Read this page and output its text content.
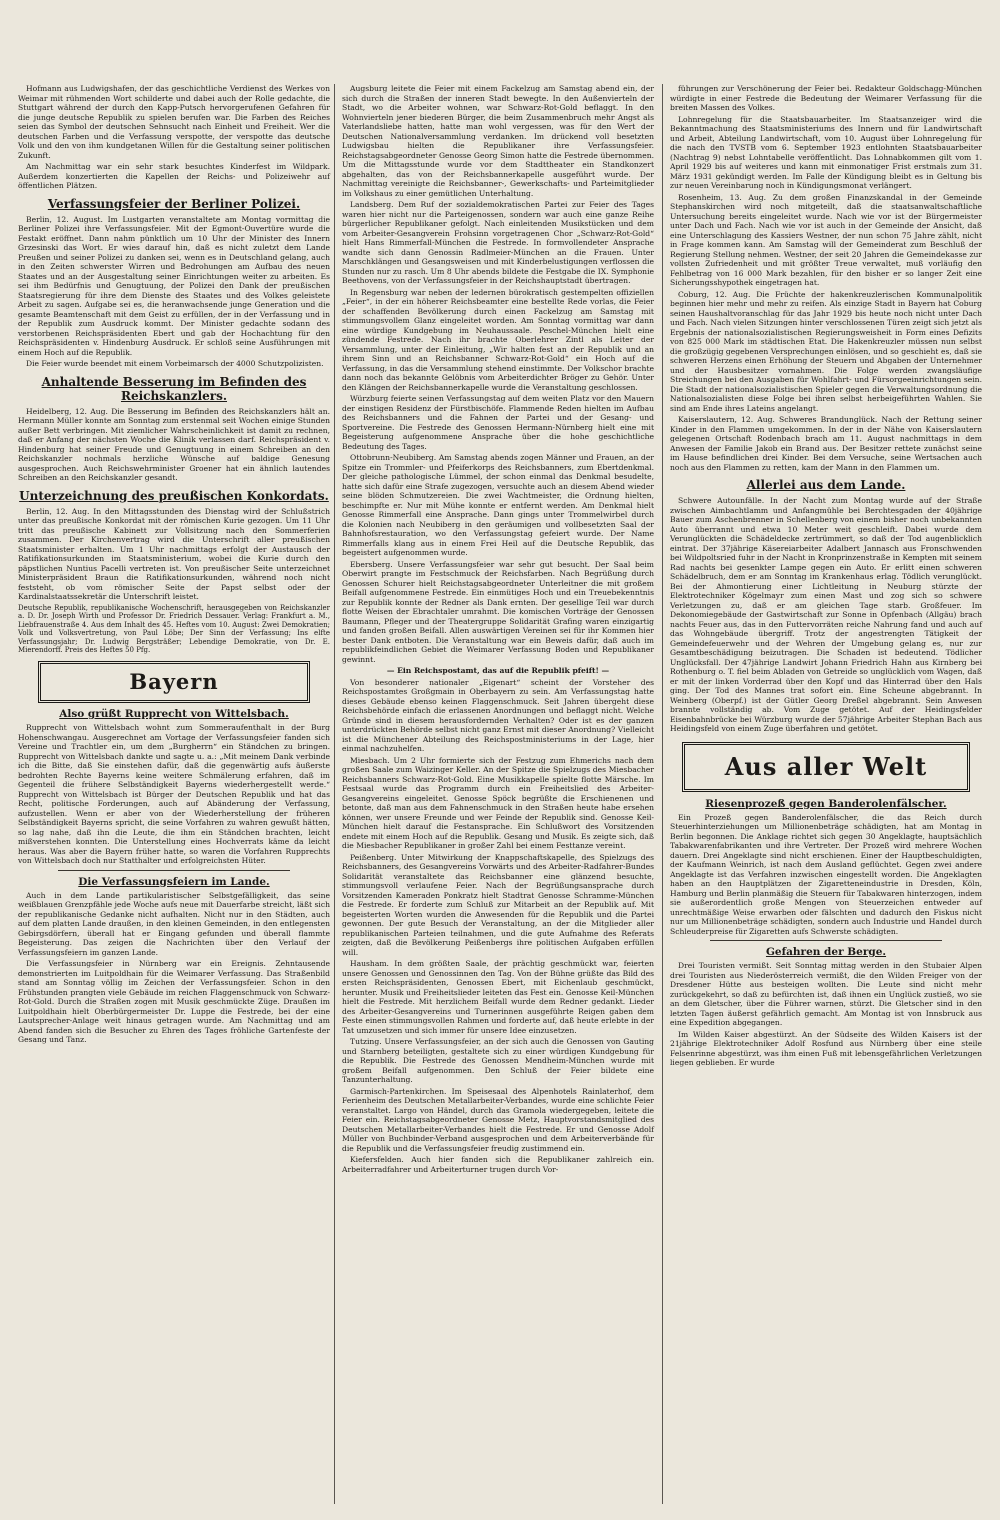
Hofmann aus Ludwigshafen, der das geschichtliche Verdienst des Werkes von Weimar mit rühmenden Wort schilderte und dabei auch der Rolle gedachte, die Stuttgart während der durch den Kapp-Putsch hervorgerufenen Gefahren für die junge deutsche Republik zu spielen berufen war. Die Farben des Reiches seien das Symbol der deutschen Sehnsucht nach Einheit und Freiheit. Wer die deutschen Farben und die Verfassung verspotte, der verspotte das deutsche Volk und den von ihm kundgetanen Willen für die Gestaltung seiner politischen Zukunft.

Am Nachmittag war ein sehr stark besuchtes Kinderfest im Wildpark. Außerdem konzertierten die Kapellen der Reichs- und Polizeiwehr auf öffentlichen Plätzen.

Verfassungsfeier der Berliner Polizei.

Berlin, 12. August. Im Lustgarten veranstaltete am Montag vormittag die Berliner Polizei ihre Verfassungsfeier. Mit der Egmont-Ouvertüre wurde die Festakt eröffnet. Dann nahm pünktlich um 10 Uhr der Minister des Innern Grzesinski das Wort. Er wies darauf hin, daß es nicht zuletzt dem Lande Preußen und seiner Polizei zu danken sei, wenn es in Deutschland gelang, auch in den Zeiten schwerster Wirren und Bedrohungen am Aufbau des neuen Staates und an der Ausgestaltung seiner Einrichtungen weiter zu arbeiten. Es sei ihm Bedürfnis und Genugtuung, der Polizei den Dank der preußischen Staatsregierung für ihre dem Dienste des Staates und des Volkes geleistete Arbeit zu sagen. Aufgabe sei es, die heranwachsende junge Generation und die gesamte Beamtenschaft mit dem Geist zu erfüllen, der in der Verfassung und in der Republik zum Ausdruck kommt. Der Minister gedachte sodann des verstorbenen Reichspräsidenten Ebert und gab der Hochachtung für den Reichspräsidenten v. Hindenburg Ausdruck. Er schloß seine Ausführungen mit einem Hoch auf die Republik.

Die Feier wurde beendet mit einem Vorbeimarsch der 4000 Schutzpolizisten.

Anhaltende Besserung im Befinden des Reichskanzlers.

Heidelberg, 12. Aug. Die Besserung im Befinden des Reichskanzlers hält an. Hermann Müller konnte am Sonntag zum erstenmal seit Wochen einige Stunden außer Bett verbringen. Mit ziemlicher Wahrscheinlichkeit ist damit zu rechnen, daß er Anfang der nächsten Woche die Klinik verlassen darf. Reichspräsident v. Hindenburg hat seiner Freude und Genugtuung in einem Schreiben an den Reichskanzler nochmals herzliche Wünsche auf baldige Genesung ausgesprochen. Auch Reichswehrminister Groener hat ein ähnlich lautendes Schreiben an den Reichskanzler gesandt.

Unterzeichnung des preußischen Konkordats.

Berlin, 12. Aug. In den Mittagsstunden des Dienstag wird der Schlußstrich unter das preußische Konkordat mit der römischen Kurie gezogen. Um 11 Uhr tritt das preußische Kabinett zur Vollsitzung nach den Sommerferien zusammen. Der Kirchenvertrag wird die Unterschrift aller preußischen Staatsminister erhalten. Um 1 Uhr nachmittags erfolgt der Austausch der Ratifikationsurkunden im Staatsministerium, wobei die Kurie durch den päpstlichen Nuntius Pacelli vertreten ist. Von preußischer Seite unterzeichnet Ministerpräsident Braun die Ratifikationsurkunden, während noch nicht feststeht, ob vom römischer Seite der Papst selbst oder der Kardinalstaatssekretär die Unterschrift leistet.

Deutsche Republik, republikanische Wochenschrift, herausgegeben von Reichskanzler a. D. Dr. Joseph Wirth und Professor Dr. Friedrich Dessauer. Verlag: Frankfurt a. M., Liebfrauenstraße 4. Aus dem Inhalt des 45. Heftes vom 10. August: Zwei Demokratien; Volk und Volksvertretung, von Paul Löbe; Der Sinn der Verfassung; Ins elfte Verfassungsjahr; Dr. Ludwig Bergsträßer; Lebendige Demokratie, von Dr. E. Mierendorff. Preis des Heftes 50 Pfg.

Bayern
Also grüßt Rupprecht von Wittelsbach.

Rupprecht von Wittelsbach wohnt zum Sommeraufenthalt in der Burg Hohenschwangau. Ausgerechnet am Vortage der Verfassungsfeier fanden sich Vereine und Trachtler ein, um dem „Burgherrn“ ein Ständchen zu bringen. Rupprecht von Wittelsbach dankte und sagte u. a.: „Mit meinem Dank verbinde ich die Bitte, daß Sie einstehen dafür, daß die gegenwärtig aufs äußerste bedrohten Rechte Bayerns keine weitere Schmälerung erfahren, daß im Gegenteil die frühere Selbständigkeit Bayerns wiederhergestellt werde.“ Rupprecht von Wittelsbach ist Bürger der Deutschen Republik und hat das Recht, politische Forderungen, auch auf Abänderung der Verfassung, aufzustellen. Wenn er aber von der Wiederherstellung der früheren Selbständigkeit Bayerns spricht, die seine Vorfahren zu wahren gewußt hätten, so lag nahe, daß ihn die Leute, die ihm ein Ständchen brachten, leicht mißverstehen konnten. Die Unterstellung eines Hochverrats käme da leicht heraus. Was aber die Bayern früher hatte, so waren die Vorfahren Rupprechts von Wittelsbach doch nur Statthalter und erfolgreichsten Hüter.

Die Verfassungsfeiern im Lande.

Auch in dem Lande partikularistischer Selbstgefälligkeit, das seine weißblauen Grenzpfähle jede Woche aufs neue mit Dauerfarbe streicht, läßt sich der republikanische Gedanke nicht aufhalten. Nicht nur in den Städten, auch auf dem platten Lande draußen, in den kleinen Gemeinden, in den entlegensten Gebirgsdörfern, überall hat er Eingang gefunden und überall flammte Begeisterung. Das zeigen die Nachrichten über den Verlauf der Verfassungsfeiern im ganzen Lande.

Die Verfassungsfeier in Nürnberg war ein Ereignis. Zehntausende demonstrierten im Luitpoldhain für die Weimarer Verfassung. Das Straßenbild stand am Sonntag völlig im Zeichen der Verfassungsfeier. Schon in den Frühstunden prangten viele Gebäude im reichen Flaggenschmuck von Schwarz-Rot-Gold. Durch die Straßen zogen mit Musik geschmückte Züge. Draußen im Luitpoldhain hielt Oberbürgermeister Dr. Luppe die Festrede, bei der eine Lautsprecher-Anlage weit hinaus getragen wurde. Am Nachmittag und am Abend fanden sich die Besucher zu Ehren des Tages fröhliche Gartenfeste der Gesang und Tanz.

Augsburg leitete die Feier mit einem Fackelzug am Samstag abend ein, der sich durch die Straßen der inneren Stadt bewegte. In den Außenvierteln der Stadt, wo die Arbeiter wohnen, war Schwarz-Rot-Gold beflaggt. In den Wohnvierteln jener biederen Bürger, die beim Zusammenbruch mehr Angst als Vaterlandsliebe hatten, hatte man wohl vergessen, was für den Wert der Deutschen Nationalversammlung verdanken. Im drückend voll besetzten Ludwigsbau hielten die Republikaner ihre Verfassungsfeier. Reichstagsabgeordneter Genosse Georg Simon hatte die Festrede übernommen. Um die Mittagsstunde wurde vor dem Stadttheater ein Standkonzert abgehalten, das von der Reichsbannerkapelle ausgeführt wurde. Der Nachmittag vereinigte die Reichsbanner-, Gewerkschafts- und Parteimitglieder im Volkshaus zu einer gemütlichen Unterhaltung.

Landsberg. Dem Ruf der sozialdemokratischen Partei zur Feier des Tages waren hier nicht nur die Parteigenossen, sondern war auch eine ganze Reihe bürgerlicher Republikaner gefolgt. Nach einleitenden Musikstücken und dem vom Arbeiter-Gesangverein Frohsinn vorgetragenen Chor „Schwarz-Rot-Gold“ hielt Hans Rimmerfall-München die Festrede. In formvollendeter Ansprache wandte sich dann Genossin Radlmeier-München an die Frauen. Unter Marschklängen und Gesangsweisen und mit Kinderbelustigungen verflossen die Stunden nur zu rasch. Um 8 Uhr abends bildete die Festgabe die IX. Symphonie Beethovens, von der Verfassungsfeier in der Reichshauptstadt übertragen.

In Regensburg war neben der ledernen bürokratisch gestempelten offiziellen „Feier“, in der ein höherer Reichsbeamter eine bestellte Rede vorlas, die Feier der schaffenden Bevölkerung durch einen Fackelzug am Samstag mit stimmungsvollem Glanz eingeleitet worden. Am Sonntag vormittag war dann eine würdige Kundgebung im Neuhaussaale. Peschel-München hielt eine zündende Festrede. Nach ihr brachte Oberlehrer Zintl als Leiter der Versammlung, unter der Einleitung, „Wir halten fest an der Republik und an ihrem Sinn und an Reichsbanner Schwarz-Rot-Gold“ ein Hoch auf die Verfassung, in das die Versammlung stehend einstimmte. Der Volkschor brachte dann noch das bekannte Gelöbnis vom Arbeiterdichter Bröger zu Gehör. Unter den Klängen der Reichsbannerkapelle wurde die Veranstaltung geschlossen.

Würzburg feierte seinen Verfassungstag auf dem weiten Platz vor den Mauern der einstigen Residenz der Fürstbischöfe. Flammende Reden hielten im Aufbau des Reichsbanners und die Fahnen der Partei und der Gesang- und Sportvereine. Die Festrede des Genossen Hermann-Nürnberg hielt eine mit Begeisterung aufgenommene Ansprache über die hohe geschichtliche Bedeutung des Tages.

Ottobrunn-Neubiberg. Am Samstag abends zogen Männer und Frauen, an der Spitze ein Trommler- und Pfeiferkorps des Reichsbanners, zum Ebertdenkmal. Der gleiche pathologische Lümmel, der schon einmal das Denkmal besudelte, hatte sich dafür eine Strafe zugezogen, versuchte auch an diesem Abend wieder seine blöden Schmutzereien. Die zwei Wachtmeister, die Ordnung hielten, beschimpfte er. Nur mit Mühe konnte er entfernt werden. Am Denkmal hielt Genosse Rimmerfall eine Ansprache. Dann gings unter Trommelwirbel durch die Kolonien nach Neubiberg in den geräumigen und vollbesetzten Saal der Bahnhofsrestauration, wo den Verfassungstag gefeiert wurde. Der Name Rimmerfalls klang aus in einem Frei Heil auf die Deutsche Republik, das begeistert aufgenommen wurde.

Ebersberg. Unsere Verfassungsfeier war sehr gut besucht. Der Saal beim Oberwirt prangte im Festschmuck der Reichsfarben. Nach Begrüßung durch Genossen Schurer hielt Reichstagsabgeordneter Unterleitner die mit großem Beifall aufgenommene Festrede. Ein einmütiges Hoch und ein Treuebekenntnis zur Republik konnte der Redner als Dank ernten. Der gesellige Teil war durch flotte Weisen der Ebrachtaler umrahmt. Die komischen Vorträge der Genossen Baumann, Pfleger und der Theatergruppe Solidarität Grafing waren einzigartig und fanden großen Beifall. Allen auswärtigen Vereinen sei für ihr Kommen hier bester Dank entboten. Die Veranstaltung war ein Beweis dafür, daß auch im republikfeindlichen Gebiet die Weimarer Verfassung Boden und Republikaner gewinnt.

— Ein Reichspostamt, das auf die Republik pfeift! —

Von besonderer nationaler „Eigenart“ scheint der Vorsteher des Reichspostamtes Großgmain in Oberbayern zu sein. Am Verfassungstag hatte dieses Gebäude ebenso keinen Flaggenschmuck. Seit Jahren übergeht diese Reichsbehörde einfach die erlassenen Anordnungen und beflaggt nicht. Welche Gründe sind in diesem herausfordernden Verhalten? Oder ist es der ganzen unterdrückten Behörde selbst nicht ganz Ernst mit dieser Anordnung? Vielleicht ist die Münchener Abteilung des Reichspostministeriums in der Lage, hier einmal nachzuhelfen.

Miesbach. Um 2 Uhr formierte sich der Festzug zum Ehmerichs nach dem großen Saale zum Waizinger Keller. An der Spitze die Spielzugs des Miesbacher Reichsbanners Schwarz-Rot-Gold. Eine Musikkapelle spielte flotte Märsche. Im Festsaal wurde das Programm durch ein Freiheitslied des Arbeiter-Gesangvereins eingeleitet. Genosse Spöck begrüßte die Erschienenen und betonte, daß man aus dem Fahnenschmuck in den Straßen heute habe ersehen können, wer unsere Freunde und wer Feinde der Republik sind. Genosse Keil-München hielt darauf die Festansprache. Ein Schlußwort des Vorsitzenden endete mit einem Hoch auf die Republik. Gesang und Musik. Es zeigte sich, daß die Miesbacher Republikaner in großer Zahl bei einem Festtanze vereint.

Peißenberg. Unter Mitwirkung der Knappschaftskapelle, des Spielzugs des Reichsbanners, des Gesangvereins Vorwärts und des Arbeiter-Radfahrer-Bundes Solidarität veranstaltete das Reichsbanner eine glänzend besuchte, stimmungsvoll verlaufene Feier. Nach der Begrüßungsansprache durch Vorsitzenden Kameraden Ponkratz hielt Stadtrat Genosse Schramme-München die Festrede. Er forderte zum Schluß zur Mitarbeit an der Republik auf. Mit begeisterten Worten wurden die Anwesenden für die Republik und die Partei gewonnen. Der gute Besuch der Veranstaltung, an der die Mitglieder aller republikanischen Parteien teilnahmen, und die gute Aufnahme des Referats zeigten, daß die Bevölkerung Peißenbergs ihre politischen Aufgaben erfüllen will.

Hausham. In dem größten Saale, der prächtig geschmückt war, feierten unsere Genossen und Genossinnen den Tag. Von der Bühne grüßte das Bild des ersten Reichspräsidenten, Genossen Ebert, mit Eichenlaub geschmückt, herunter. Musik und Freiheitslieder leiteten das Fest ein. Genosse Keil-München hielt die Festrede. Mit herzlichem Beifall wurde dem Redner gedankt. Lieder des Arbeiter-Gesangvereins und Turnerinnen ausgeführte Reigen gaben dem Feste einen stimmungsvollen Rahmen und forderte auf, daß heute erlebte in der Tat umzusetzen und sich immer für unsere Idee einzusetzen.

Tutzing. Unsere Verfassungsfeier, an der sich auch die Genossen von Gauting und Starnberg beteiligten, gestaltete sich zu einer würdigen Kundgebung für die Republik. Die Festrede des Genossen Mendheim-München wurde mit großem Beifall aufgenommen. Den Schluß der Feier bildete eine Tanzunterhaltung.

Garmisch-Partenkirchen. Im Speisesaal des Alpenhotels Rainlaterhof, dem Ferienheim des Deutschen Metallarbeiter-Verbandes, wurde eine schlichte Feier veranstaltet. Largo von Händel, durch das Gramola wiedergegeben, leitete die Feier ein. Reichstagsabgeordneter Genosse Metz, Hauptvorstandsmitglied des Deutschen Metallarbeiter-Verbandes hielt die Festrede. Er und Genosse Adolf Müller von Buchbinder-Verband ausgesprochen und dem Arbeiterverbände für die Republik und die Verfassungsfeier freudig zustimmend ein.

Kiefersfelden. Auch hier fanden sich die Republikaner zahlreich ein. Arbeiterradfahrer und Arbeiterturner trugen durch Vor-

führungen zur Verschönerung der Feier bei. Redakteur Goldschagg-München würdigte in einer Festrede die Bedeutung der Weimarer Verfassung für die breiten Massen des Volkes.

Lohnregelung für die Staatsbauarbeiter. Im Staatsanzeiger wird die Bekanntmachung des Staatsministeriums des Innern und für Landwirtschaft und Arbeit, Abteilung Landwirtschaft, vom 10. August über Lohnregelung für die nach den TVSTB vom 6. September 1923 entlohnten Staatsbauarbeiter (Nachtrag 9) nebst Lohntabelle veröffentlicht. Das Lohnabkommen gilt vom 1. April 1929 bis auf weiteres und kann mit einmonatiger Frist erstmals zum 31. März 1931 gekündigt werden. Im Falle der Kündigung bleibt es in Geltung bis zur neuen Vereinbarung noch in Kündigungsmonat verlängert.

Rosenheim, 13. Aug. Zu dem großen Finanzskandal in der Gemeinde Stephanskirchen wird noch mitgeteilt, daß die staatsanwaltschaftliche Untersuchung bereits eingeleitet wurde. Nach wie vor ist der Bürgermeister unter Dach und Fach. Nach wie vor ist auch in der Gemeinde der Ansicht, daß eine Unterschlagung des Kassiers Westner, der nun schon 75 Jahre zählt, nicht in Frage kommen kann. Am Samstag will der Gemeinderat zum Beschluß der Regierung Stellung nehmen. Westner, der seit 20 Jahren die Gemeindekasse zur vollsten Zufriedenheit und mit größter Treue verwaltet, muß vorläufig den Fehlbetrag von 16 000 Mark bezahlen, für den bisher er so langer Zeit eine Sicherungsshypothek eingetragen hat.

Coburg, 12. Aug. Die Früchte der hakenkreuzlerischen Kommunalpolitik beginnen hier mehr und mehr zu reifen. Als einzige Stadt in Bayern hat Coburg seinen Haushaltvoranschlag für das Jahr 1929 bis heute noch nicht unter Dach und Fach. Nach vielen Sitzungen hinter verschlossenen Türen zeigt sich jetzt als Ergebnis der nationalsozialistischen Regierungsweisheit in Form eines Defizits von 825 000 Mark im städtischen Etat. Die Hakenkreuzler müssen nun selbst die großzügig gegebenen Versprechungen einlösen, und so geschieht es, daß sie schweren Herzens einen Erhöhung der Steuern und Abgaben der Unternehmer und der Hausbesitzer vornahmen. Die Folge werden zwangsläufige Streichungen bei den Ausgaben für Wohlfahrt- und Fürsorgeeinrichtungen sein. Die Stadt der nationalsozialistischen Spieler gegen die Verwaltungsordnung die Nationalsozialisten diese Folge bei ihren selbst herbeigeführten Wahlen. Sie sind am Ende ihres Lateins angelangt.

Kaiserslautern, 12. Aug. Schweres Brandunglück. Nach der Rettung seiner Kinder in den Flammen umgekommen. In der in der Nähe von Kaiserslautern gelegenen Ortschaft Rodenbach brach am 11. August nachmittags in dem Anwesen der Familie Jakob ein Brand aus. Der Besitzer rettete zunächst seine im Hause befindlichen drei Kinder. Bei dem Versuche, seine Wertsachen auch noch aus den Flammen zu retten, kam der Mann in den Flammen um.

Allerlei aus dem Lande.

Schwere Autounfälle. In der Nacht zum Montag wurde auf der Straße zwischen Aimbachtlamm und Anfangmühle bei Berchtesgaden der 40jährige Bauer zum Aschenbrenner in Schellenberg von einem bisher noch unbekannten Auto überrannt und etwa 10 Meter weit geschleift. Dabei wurde dem Verunglückten die Schädeldecke zertrümmert, so daß der Tod augenblicklich eintrat. Der 37jährige Käsereiarbeiter Adalbert Jannasch aus Fronschwenden bei Wildpoltsried fuhr in der Nacht in Kronprinzenstraße in Kempten mit seinem Rad nachts bei gesenkter Lampe gegen ein Auto. Er erlitt einen schweren Schädelbruch, dem er am Sonntag im Krankenhaus erlag. Tödlich verunglückt. Bei der Ahmontierung einer Lichtleitung in Neuburg stürzte der Elektrotechniker Kögelmayr zum einen Mast und zog sich so schwere Verletzungen zu, daß er am gleichen Tage starb. Großfeuer. Im Dekonomiegebäude der Gastwirtschaft zur Sonne in Opfenbach (Allgäu) brach nachts Feuer aus, das in den Futtervorräten reiche Nahrung fand und auch auf das Wohngebäude übergriff. Trotz der angestrengten Tätigkeit der Gemeindefeuerwehr und der Wehren der Umgebung gelang es, nur zur Gesamtbeschädigung beizutragen. Die Schaden ist bedeutend. Tödlicher Unglücksfall. Der 47jährige Landwirt Johann Friedrich Hahn aus Kirnberg bei Rothenburg o. T. fiel beim Abladen von Getreide so unglücklich vom Wagen, daß er mit der linken Vorderrad über den Kopf und das Hinterrad über den Hals ging. Der Tod des Mannes trat sofort ein. Eine Scheune abgebrannt. In Weinberg (Oberpf.) ist der Gütler Georg Dreßel abgebrannt. Sein Anwesen brannte vollständig ab. Vom Zuge getötet. Auf der Heidingsfelder Eisenbahnbrücke bei Würzburg wurde der 57jährige Arbeiter Stephan Bach aus Heidingsfeld von einem Zuge überfahren und getötet.

Aus aller Welt
Riesenprozeß gegen Banderolenfälscher.

Ein Prozeß gegen Banderolenfälscher, die das Reich durch Steuerhinterziehungen um Millionenbeträge schädigten, hat am Montag in Berlin begonnen. Die Anklage richtet sich gegen 30 Angeklagte, hauptsächlich Tabakwarenfabrikanten und ihre Vertreter. Der Prozeß wird mehrere Wochen dauern. Drei Angeklagte sind nicht erschienen. Einer der Hauptbeschuldigten, der Kaufmann Weinrich, ist nach dem Ausland geflüchtet. Gegen zwei andere Angeklagte ist das Verfahren inzwischen eingestellt worden. Die Angeklagten haben an den Hauptplätzen der Zigaretteneindustrie in Dresden, Köln, Hamburg und Berlin planmäßig die Steuern für Tabakwaren hinterzogen, indem sie außerordentlich große Mengen von Steuerzeichen entweder auf unrechtmäßige Weise erwarben oder fälschten und dadurch den Fiskus nicht nur um Millionenbeträge schädigten, sondern auch Industrie und Handel durch Schleuderpreise für Zigaretten aufs Schwerste schädigten.

Gefahren der Berge.

Drei Touristen vermißt. Seit Sonntag mittag werden in den Stubaier Alpen drei Touristen aus Niederösterreich vermißt, die den Wilden Freiger von der Dresdener Hütte aus besteigen wollten. Die Leute sind nicht mehr zurückgekehrt, so daß zu befürchten ist, daß ihnen ein Unglück zustieß, wo sie an dem Gletscher, über die Führer warnen, stürzt. Die Gletscher sind in den letzten Tagen äußerst gefährlich gemacht. Am Montag ist von Innsbruck aus eine Expedition abgegangen.

Im Wilden Kaiser abgestürzt. An der Südseite des Wilden Kaisers ist der 21jährige Elektrotechniker Adolf Rosfund aus Nürnberg über eine steile Felsenrinne abgestürzt, was ihm einen Fuß mit lebensgefährlichen Verletzungen liegen geblieben. Er wurde
